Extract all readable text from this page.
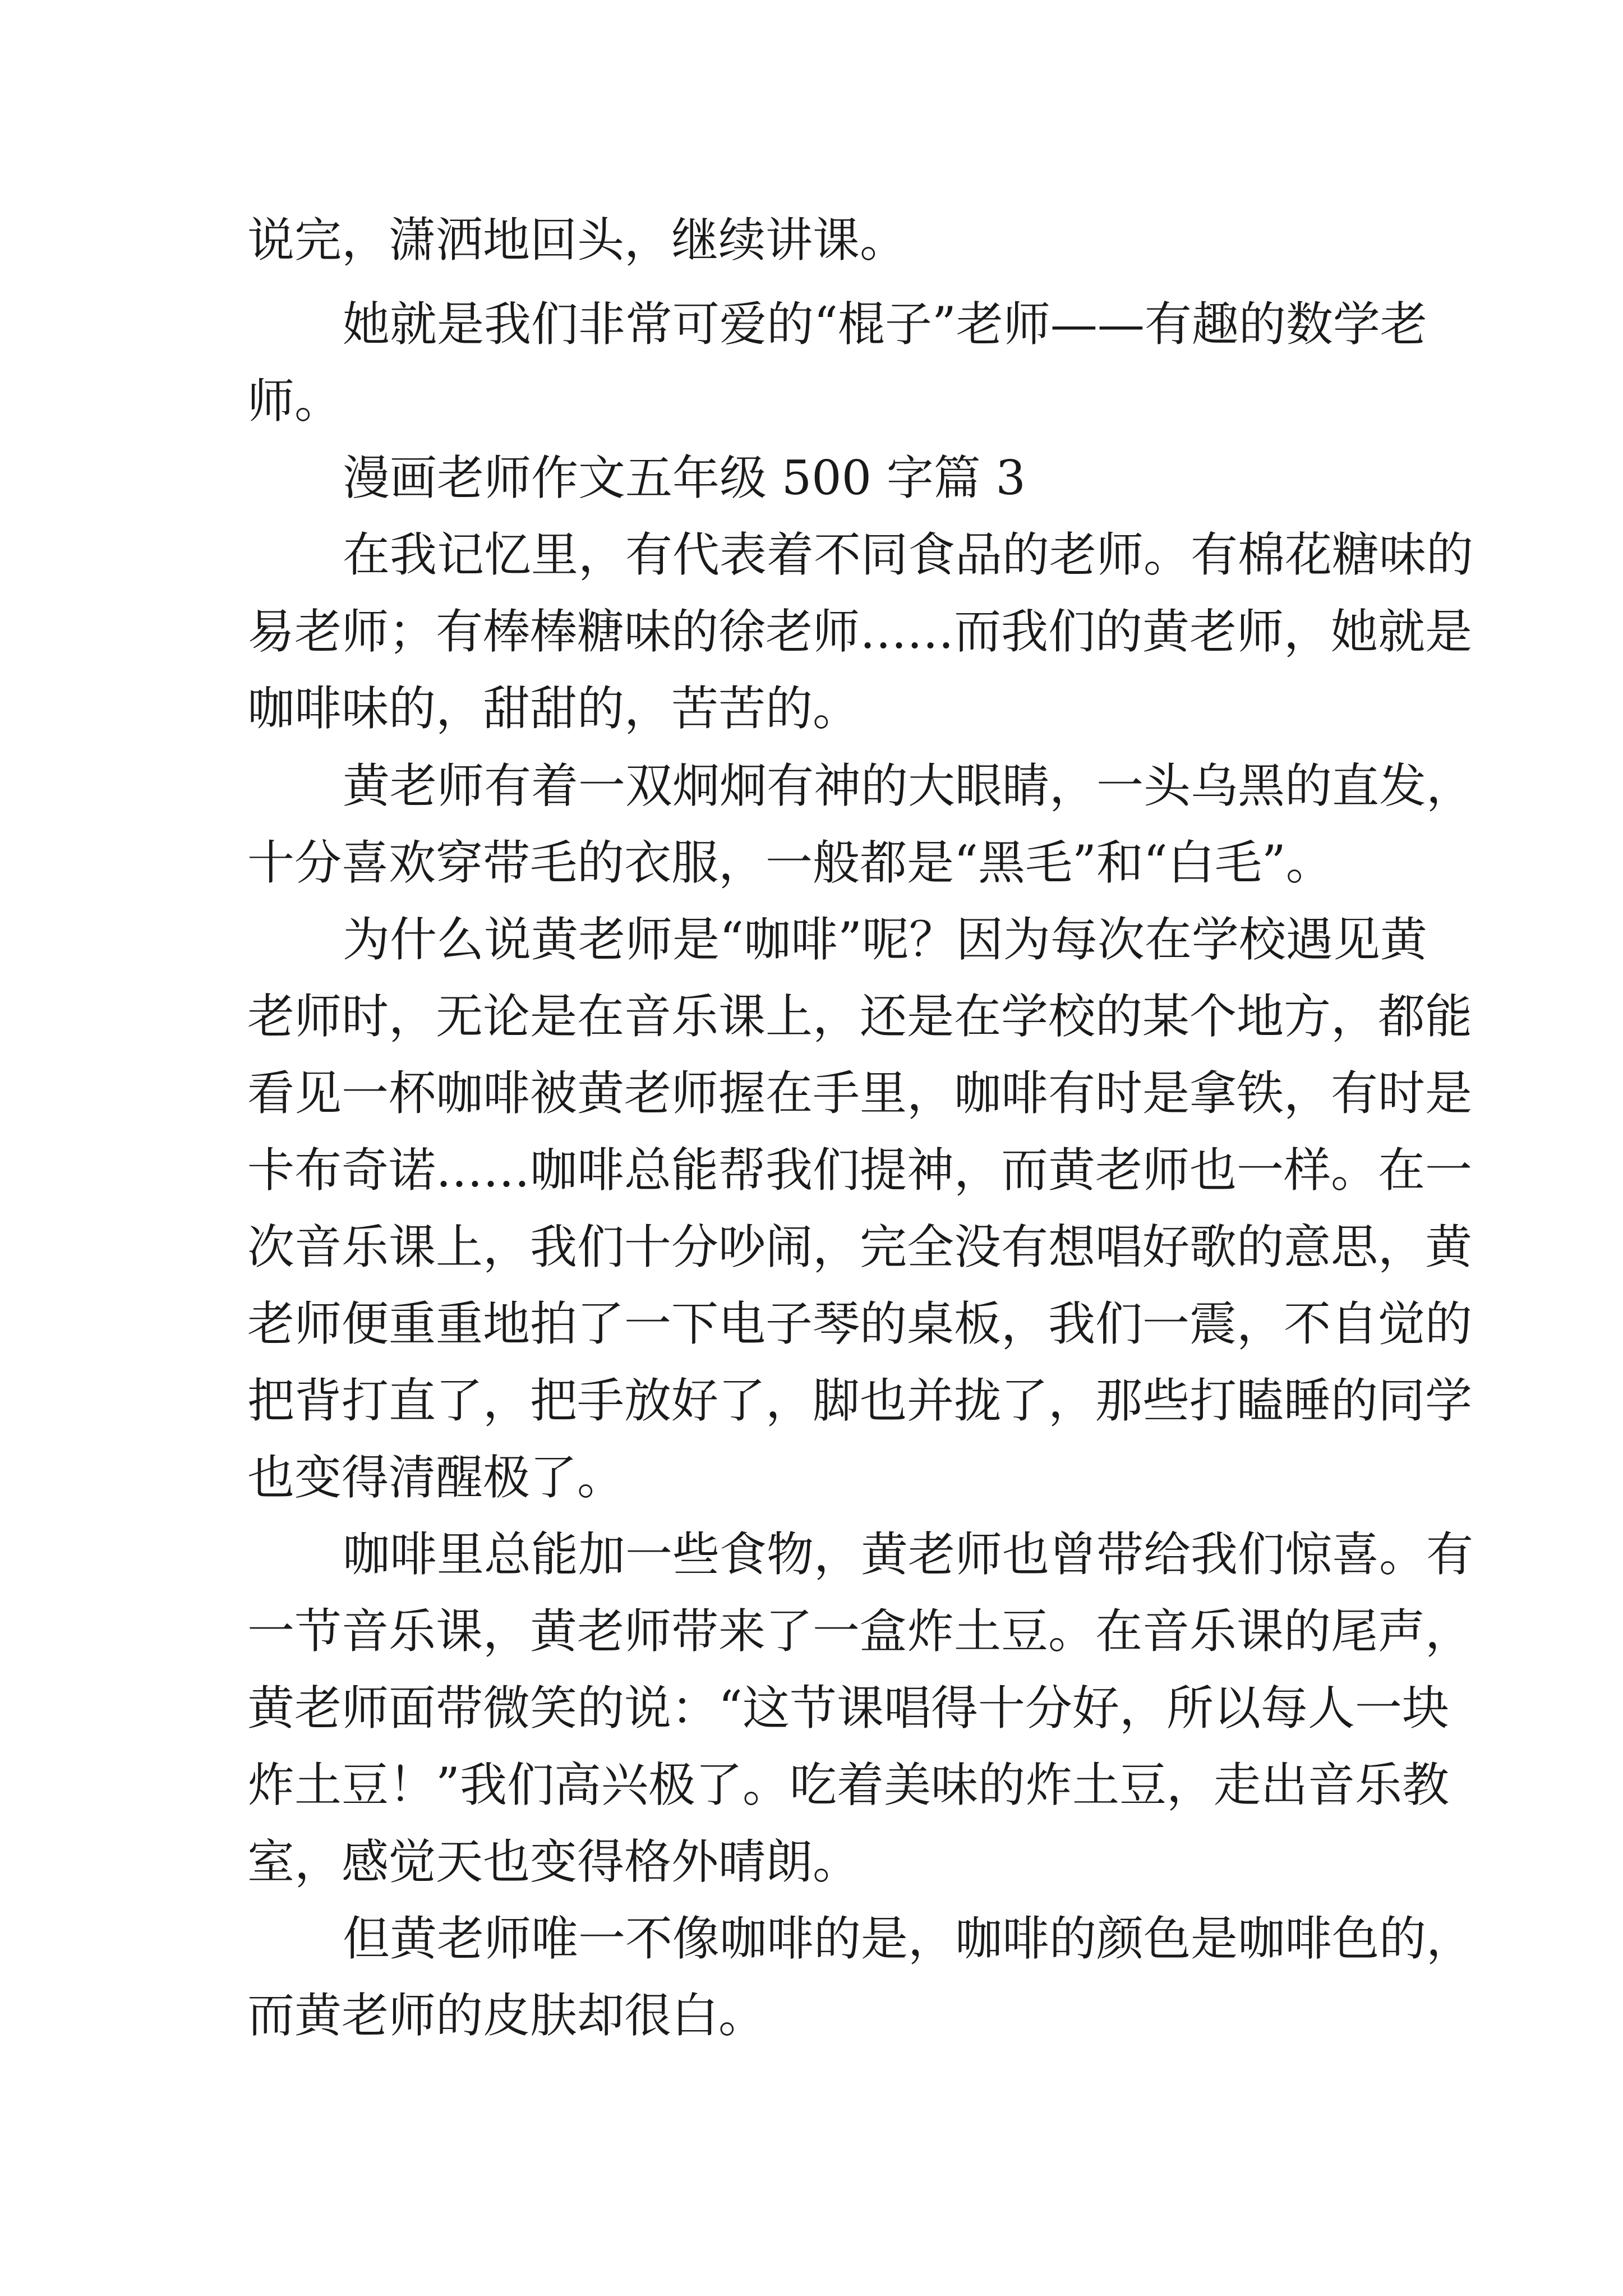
说完，潇洒地回头，继续讲课。

她就是我们非常可爱的“棍子”老师——有趣的数学老

师。

漫画老师作文五年级 500 字篇 3

在我记忆里，有代表着不同食品的老师。有棉花糖味的

易老师；有棒棒糖味的徐老师……而我们的黄老师，她就是

咖啡味的，甜甜的，苦苦的。

黄老师有着一双炯炯有神的大眼睛，一头乌黑的直发，

十分喜欢穿带毛的衣服，一般都是“黑毛”和“白毛”。

为什么说黄老师是“咖啡”呢？因为每次在学校遇见黄

老师时，无论是在音乐课上，还是在学校的某个地方，都能

看见一杯咖啡被黄老师握在手里，咖啡有时是拿铁，有时是

卡布奇诺……咖啡总能帮我们提神，而黄老师也一样。在一

次音乐课上，我们十分吵闹，完全没有想唱好歌的意思，黄

老师便重重地拍了一下电子琴的桌板，我们一震，不自觉的

把背打直了，把手放好了，脚也并拢了，那些打瞌睡的同学

也变得清醒极了。

咖啡里总能加一些食物，黄老师也曾带给我们惊喜。有

一节音乐课，黄老师带来了一盒炸土豆。在音乐课的尾声，

黄老师面带微笑的说：“这节课唱得十分好，所以每人一块

炸土豆！”我们高兴极了。吃着美味的炸土豆，走出音乐教

室，感觉天也变得格外晴朗。

但黄老师唯一不像咖啡的是，咖啡的颜色是咖啡色的，

而黄老师的皮肤却很白。
